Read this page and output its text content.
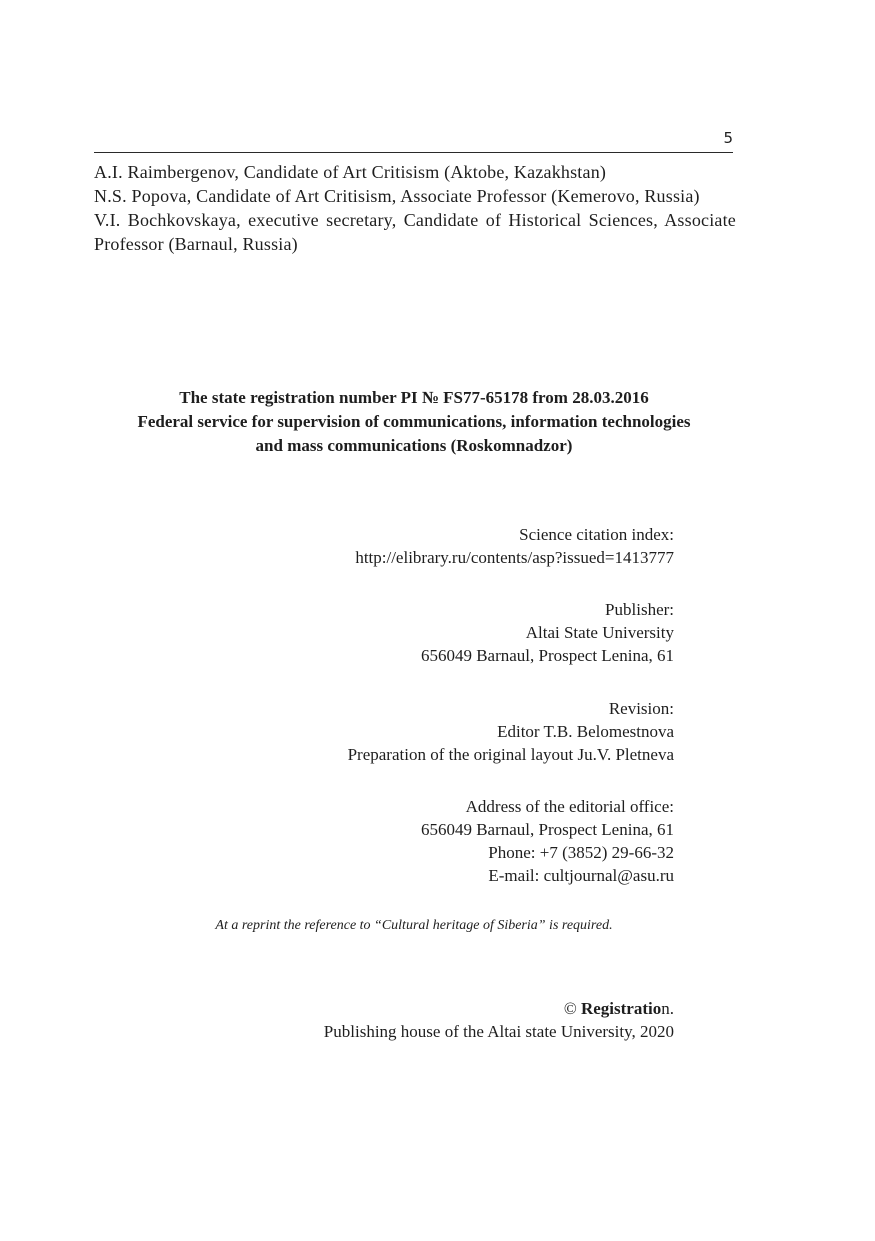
5

A.I. Raimbergenov, Candidate of Art Critisism (Aktobe, Kazakhstan)

N.S. Popova, Candidate of Art Critisism, Associate Professor (Kemerovo, Russia)

V.I. Bochkovskaya, executive secretary, Candidate of Historical Sciences, Associate Professor (Barnaul, Russia)

The state registration number PI № FS77-65178 from 28.03.2016
Federal service for supervision of communications, information technologies
and mass communications (Roskomnadzor)
Science citation index:
http://elibrary.ru/contents/asp?issued=1413777
Publisher:
Altai State University
656049 Barnaul, Prospect Lenina, 61
Revision:
Editor T.B. Belomestnova
Preparation of the original layout Ju.V. Pletneva
Address of the editorial office:
656049 Barnaul, Prospect Lenina, 61
Phone: +7 (3852) 29-66-32
E-mail: cultjournal@asu.ru
At a reprint the reference to “Cultural heritage of Siberia” is required.
© Registration.
Publishing house of the Altai state University, 2020
